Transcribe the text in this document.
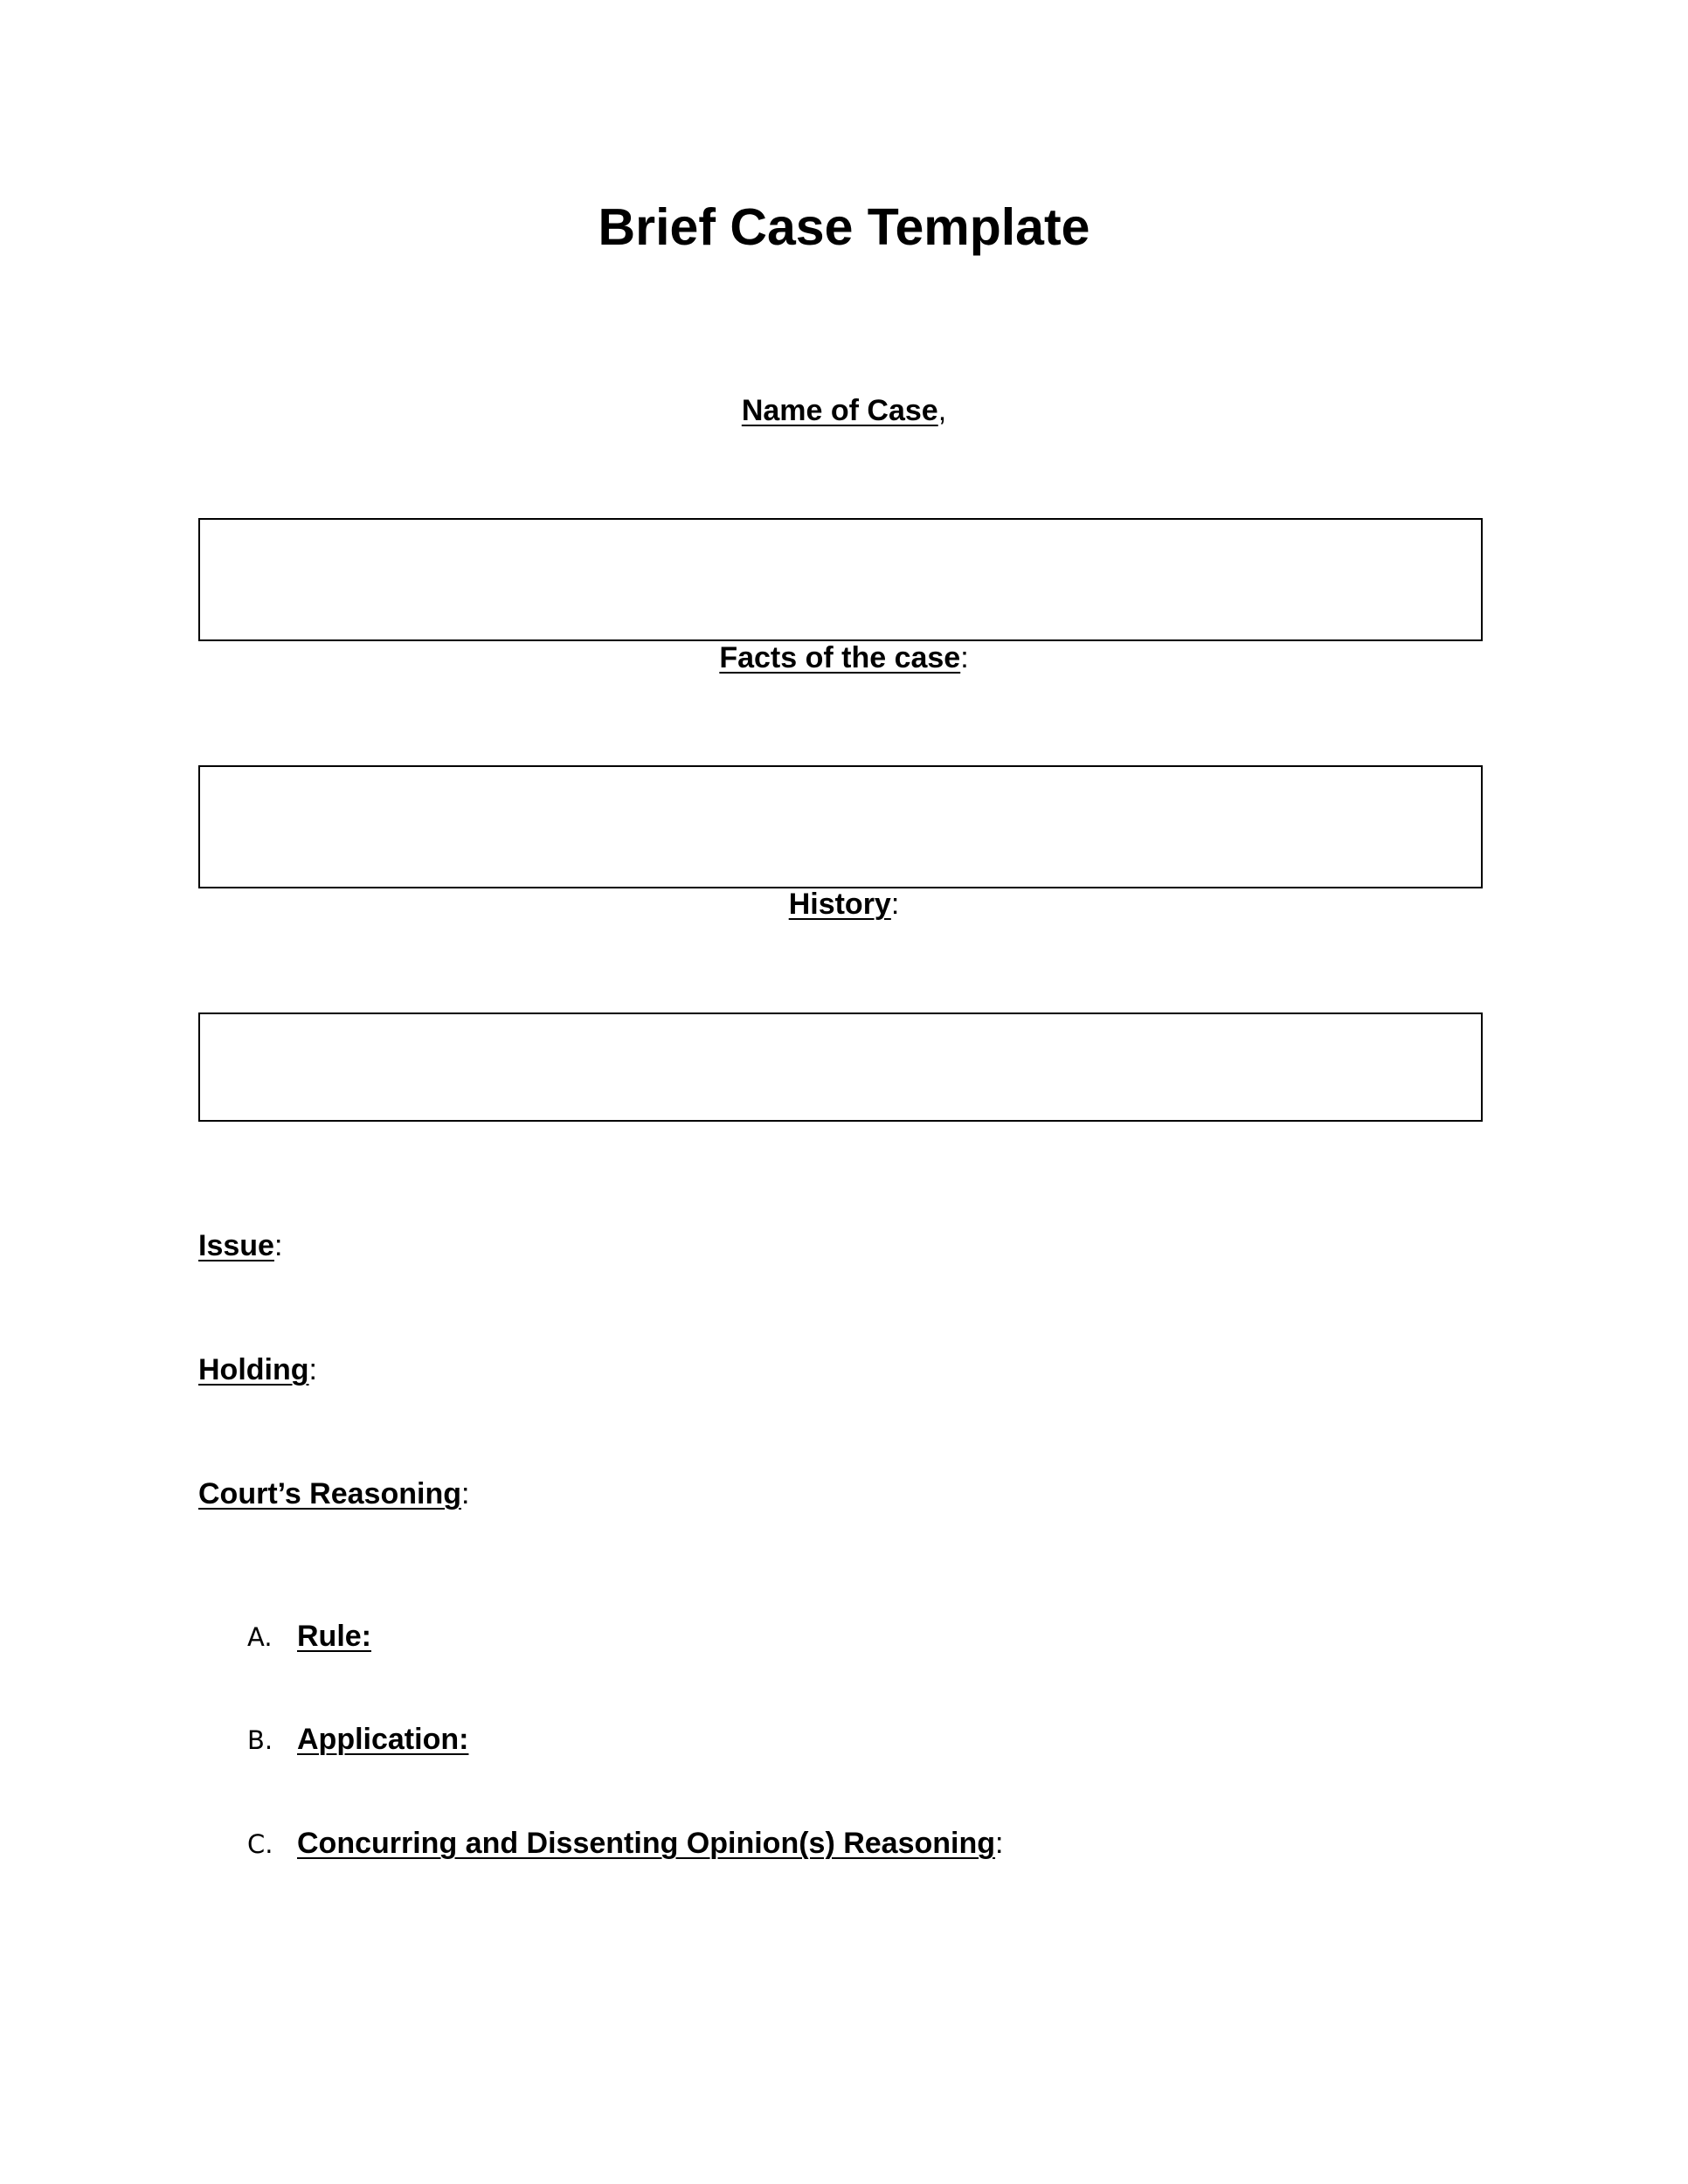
Brief Case Template
Name of Case,
Facts of the case:
History:
Issue:
Holding:
Court’s Reasoning:
A. Rule:
B. Application:
C. Concurring and Dissenting Opinion(s) Reasoning:
